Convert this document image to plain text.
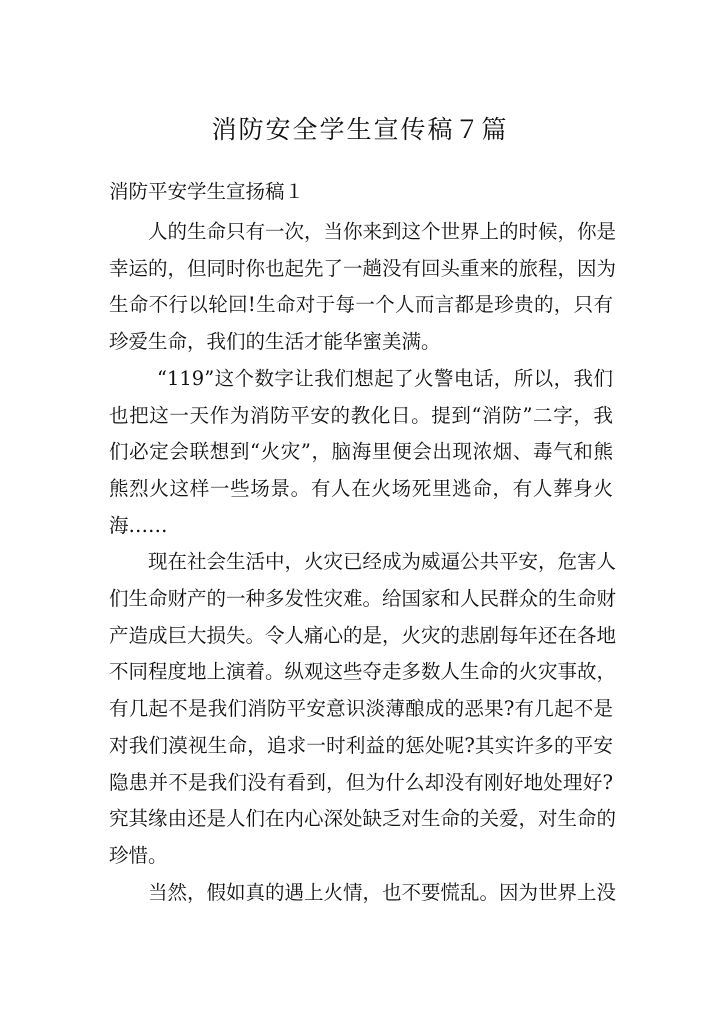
消防安全学生宣传稿７篇
消防平安学生宣扬稿１

人的生命只有一次，当你来到这个世界上的时候，你是
幸运的，但同时你也起先了一趟没有回头重来的旅程，因为
生命不行以轮回!生命对于每一个人而言都是珍贵的，只有
珍爱生命，我们的生活才能华蜜美满。

“119”这个数字让我们想起了火警电话，所以，我们
也把这一天作为消防平安的教化日。提到“消防”二字，我
们必定会联想到“火灾”，脑海里便会出现浓烟、毒气和熊
熊烈火这样一些场景。有人在火场死里逃命，有人葬身火
海……

现在社会生活中，火灾已经成为威逼公共平安，危害人
们生命财产的一种多发性灾难。给国家和人民群众的生命财
产造成巨大损失。令人痛心的是，火灾的悲剧每年还在各地
不同程度地上演着。纵观这些夺走多数人生命的火灾事故，
有几起不是我们消防平安意识淡薄酿成的恶果?有几起不是
对我们漠视生命，追求一时利益的惩处呢?其实许多的平安
隐患并不是我们没有看到，但为什么却没有刚好地处理好?
究其缘由还是人们在内心深处缺乏对生命的关爱，对生命的
珍惜。

当然，假如真的遇上火情，也不要慌乱。因为世界上没
